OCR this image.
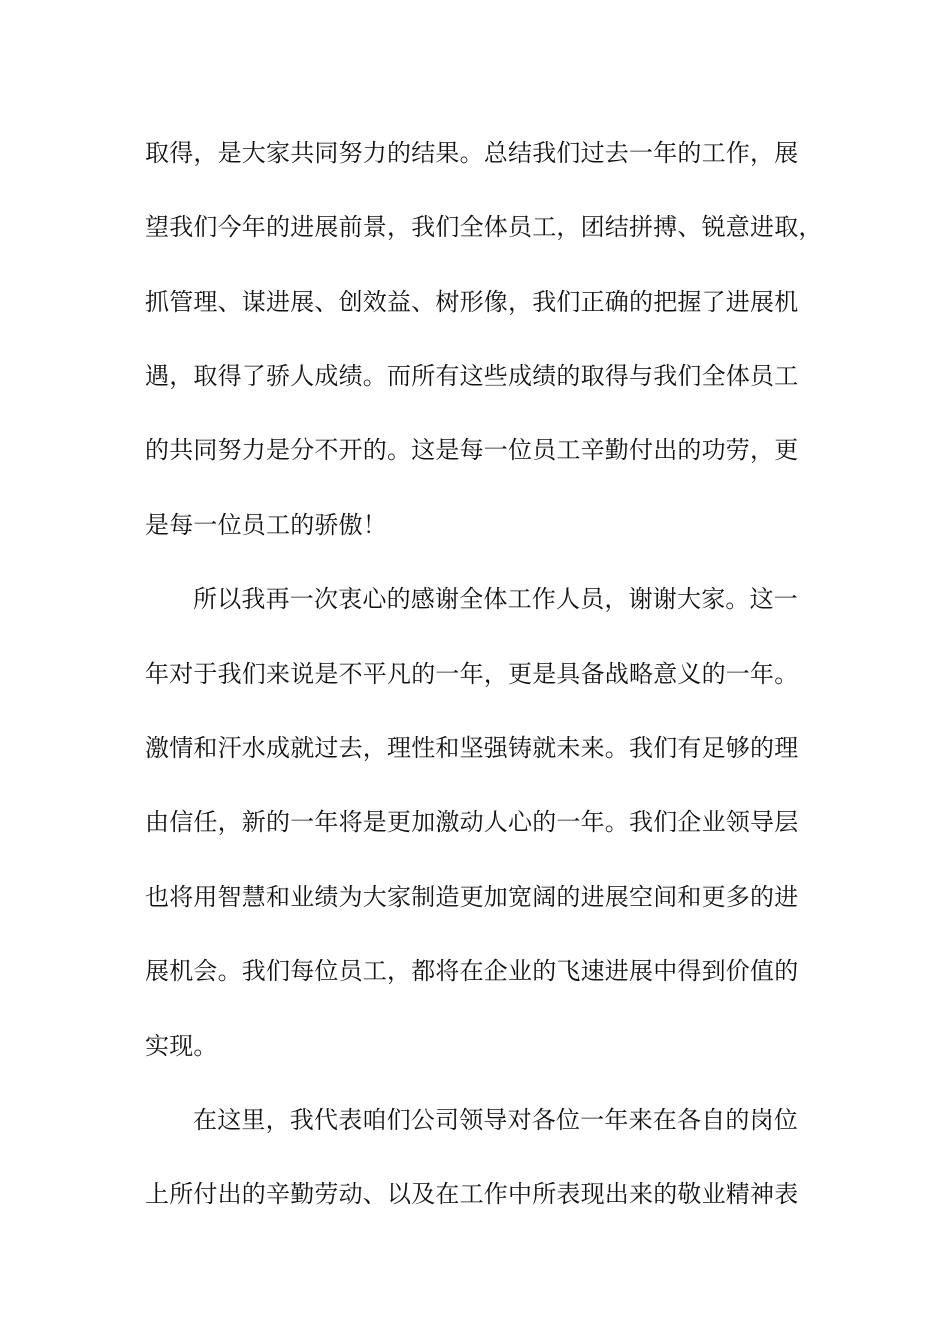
取得，是大家共同努力的结果。总结我们过去一年的工作，展
望我们今年的进展前景，我们全体员工，团结拼搏、锐意进取，
抓管理、谋进展、创效益、树形像，我们正确的把握了进展机
遇，取得了骄人成绩。而所有这些成绩的取得与我们全体员工
的共同努力是分不开的。这是每一位员工辛勤付出的功劳，更
是每一位员工的骄傲！
所以我再一次衷心的感谢全体工作人员，谢谢大家。这一
年对于我们来说是不平凡的一年，更是具备战略意义的一年。
激情和汗水成就过去，理性和坚强铸就未来。我们有足够的理
由信任，新的一年将是更加激动人心的一年。我们企业领导层
也将用智慧和业绩为大家制造更加宽阔的进展空间和更多的进
展机会。我们每位员工，都将在企业的飞速进展中得到价值的
实现。
在这里，我代表咱们公司领导对各位一年来在各自的岗位
上所付出的辛勤劳动、以及在工作中所表现出来的敬业精神表
